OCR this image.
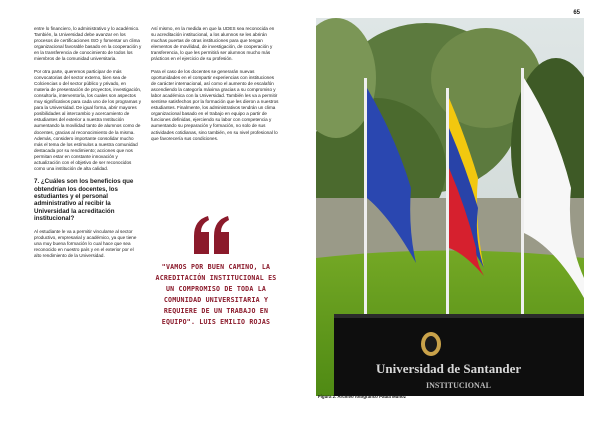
65

entre lo financiero, lo administrativo y lo académico. También, la Universidad debe avanzar en los procesos de certificaciones ISO y fomentar un clima organizacional favorable basado en la cooperación y en la transferencia de conocimiento de todos los miembros de la comunidad universitaria.

Por otra parte, queremos participar de más convocatorias del sector externo, bien sea de Colciencias o del sector público y privado, en materia de presentación de proyectos, investigación, consultoría, interventoría, los cuales son aspectos muy significativos para cada uno de los programas y para la Universidad. De igual forma, abrir mayores posibilidades al intercambio y acercamiento de estudiantes del exterior a nuestra Institución aumentando la movilidad tanto de alumnos como de docentes, gracias al reconocimiento de la misma. Además, considero importante consolidar mucho más el tema de los estímulos a nuestra comunidad destacada por su rendimiento; acciones que nos permitan estar en constante innovación y actualización con el objetivo de ser reconocidos como una institución de alta calidad.

7. ¿Cuáles son los beneficios que obtendrían los docentes, los estudiantes y el personal administrativo al recibir la Universidad la acreditación institucional?

Al estudiante le va a permitir vincularse al sector productivo, empresarial y académico, ya que tiene una muy buena formación lo cual hace que sea reconocido en nuestro país y en el exterior por el alto rendimiento de la Universidad.

Así mismo, en la medida en que la UDES sea reconocida en su acreditación institucional, a los alumnos se les abrirán muchas puertas de otras instituciones para que tengan elementos de movilidad, de investigación, de cooperación y transferencia, lo que les permitirá ser alumnos mucho más prácticos en el ejercicio de su profesión.

Para el caso de los docentes se generarán nuevas oportunidades en el compartir experiencias con instituciones de carácter internacional, así como el aumento de escalafón ascendiendo la categoría máxima gracias a su compromiso y labor académica con la Universidad. También les va a permitir sentirse satisfechos por la formación que les dieron a nuestros estudiantes. Finalmente, los administrativos tendrán un clima organizacional basado en el trabajo en equipo a partir de funciones definidas, ejerciendo su labor con competencia y aumentando su preparación y formación, no solo de sus actividades cotidianas, sino también, en su nivel profesional lo que favorecería sus condiciones.

"VAMOS POR BUEN CAMINO, LA ACREDITACIÓN INSTITUCIONAL ES UN COMPROMISO DE TODA LA COMUNIDAD UNIVERSITARIA Y REQUIERE DE UN TRABAJO EN EQUIPO". LUIS EMILIO ROJAS
Universidad de Santander
INSTITUCIONAL
Figura 2. Archivo fotográfico Paula Muñoz
